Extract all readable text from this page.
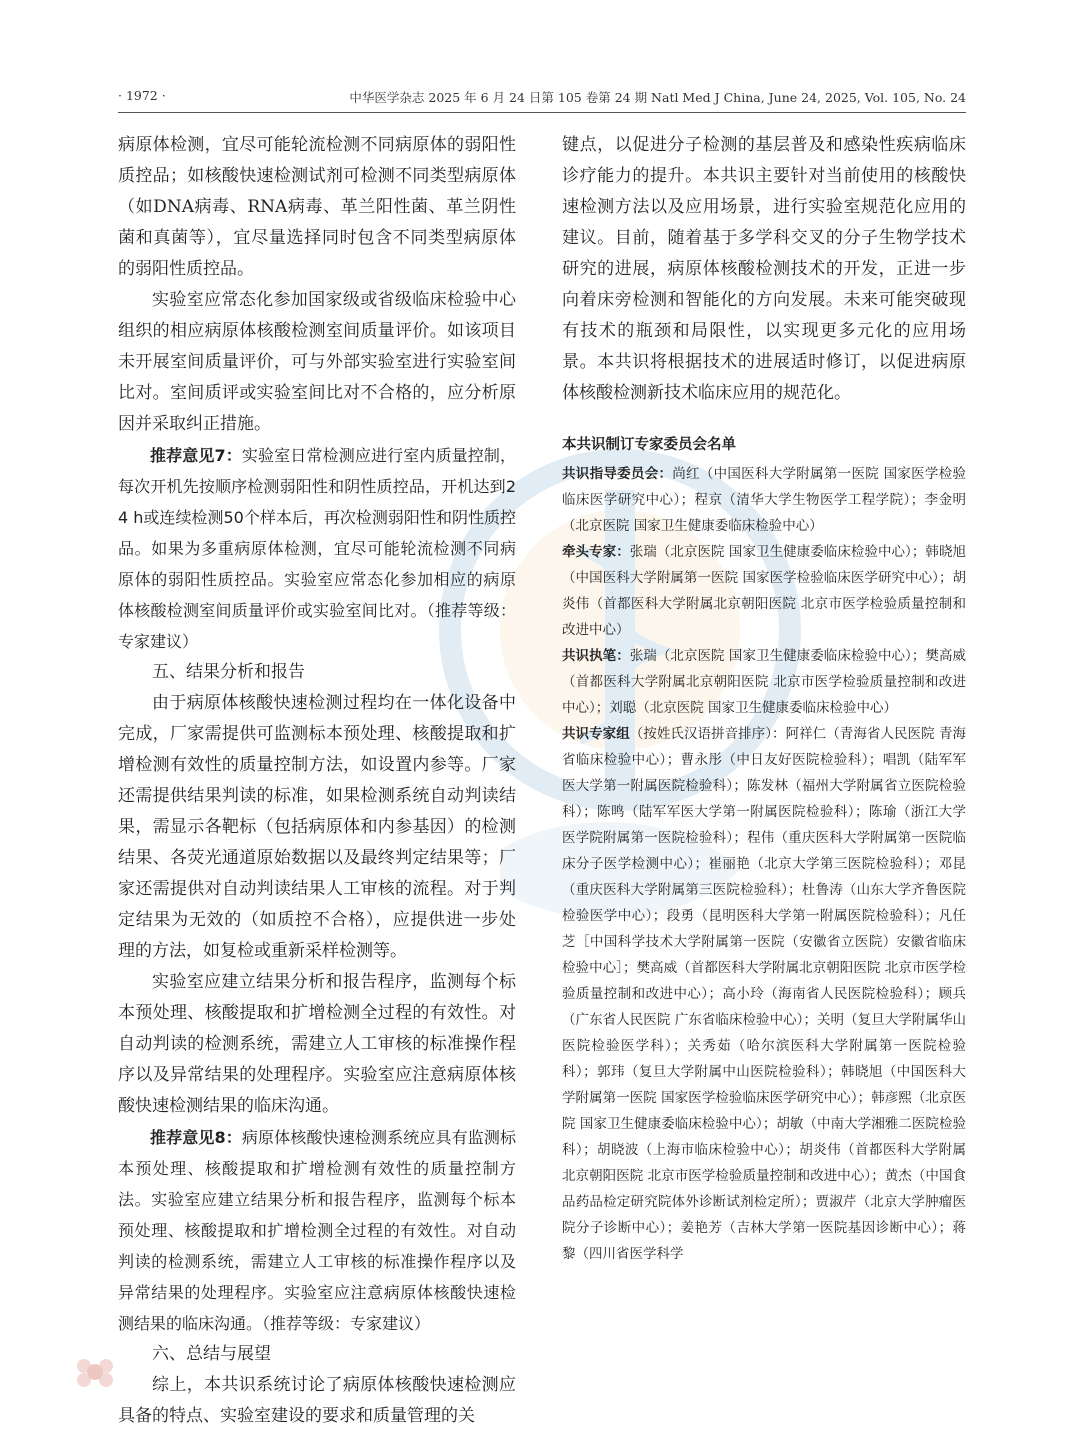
· 1972 ·	中华医学杂志 2025 年 6 月 24 日第 105 卷第 24 期 Natl Med J China, June 24, 2025, Vol. 105, No. 24

病原体检测，宜尽可能轮流检测不同病原体的弱阳性质控品；如核酸快速检测试剂可检测不同类型病原体（如DNA病毒、RNA病毒、革兰阳性菌、革兰阴性菌和真菌等），宜尽量选择同时包含不同类型病原体的弱阳性质控品。

实验室应常态化参加国家级或省级临床检验中心组织的相应病原体核酸检测室间质量评价。如该项目未开展室间质量评价，可与外部实验室进行实验室间比对。室间质评或实验室间比对不合格的，应分析原因并采取纠正措施。

推荐意见7：实验室日常检测应进行室内质量控制，每次开机先按顺序检测弱阳性和阴性质控品，开机达到24 h或连续检测50个样本后，再次检测弱阳性和阴性质控品。如果为多重病原体检测，宜尽可能轮流检测不同病原体的弱阳性质控品。实验室应常态化参加相应的病原体核酸检测室间质量评价或实验室间比对。（推荐等级：专家建议）

五、结果分析和报告

由于病原体核酸快速检测过程均在一体化设备中完成，厂家需提供可监测标本预处理、核酸提取和扩增检测有效性的质量控制方法，如设置内参等。厂家还需提供结果判读的标准，如果检测系统自动判读结果，需显示各靶标（包括病原体和内参基因）的检测结果、各荧光通道原始数据以及最终判定结果等；厂家还需提供对自动判读结果人工审核的流程。对于判定结果为无效的（如质控不合格），应提供进一步处理的方法，如复检或重新采样检测等。

实验室应建立结果分析和报告程序，监测每个标本预处理、核酸提取和扩增检测全过程的有效性。对自动判读的检测系统，需建立人工审核的标准操作程序以及异常结果的处理程序。实验室应注意病原体核酸快速检测结果的临床沟通。

推荐意见8：病原体核酸快速检测系统应具有监测标本预处理、核酸提取和扩增检测有效性的质量控制方法。实验室应建立结果分析和报告程序，监测每个标本预处理、核酸提取和扩增检测全过程的有效性。对自动判读的检测系统，需建立人工审核的标准操作程序以及异常结果的处理程序。实验室应注意病原体核酸快速检测结果的临床沟通。（推荐等级：专家建议）

六、总结与展望

综上，本共识系统讨论了病原体核酸快速检测应具备的特点、实验室建设的要求和质量管理的关

键点，以促进分子检测的基层普及和感染性疾病临床诊疗能力的提升。本共识主要针对当前使用的核酸快速检测方法以及应用场景，进行实验室规范化应用的建议。目前，随着基于多学科交叉的分子生物学技术研究的进展，病原体核酸检测技术的开发，正进一步向着床旁检测和智能化的方向发展。未来可能突破现有技术的瓶颈和局限性，以实现更多元化的应用场景。本共识将根据技术的进展适时修订，以促进病原体核酸检测新技术临床应用的规范化。

本共识制订专家委员会名单

共识指导委员会：尚红（中国医科大学附属第一医院 国家医学检验临床医学研究中心）；程京（清华大学生物医学工程学院）；李金明（北京医院 国家卫生健康委临床检验中心）

牵头专家：张瑞（北京医院 国家卫生健康委临床检验中心）；韩晓旭（中国医科大学附属第一医院 国家医学检验临床医学研究中心）；胡炎伟（首都医科大学附属北京朝阳医院 北京市医学检验质量控制和改进中心）

共识执笔：张瑞（北京医院 国家卫生健康委临床检验中心）；樊高威（首都医科大学附属北京朝阳医院 北京市医学检验质量控制和改进中心）；刘聪（北京医院 国家卫生健康委临床检验中心）

共识专家组（按姓氏汉语拼音排序）：阿祥仁（青海省人民医院 青海省临床检验中心）；曹永彤（中日友好医院检验科）；唱凯（陆军军医大学第一附属医院检验科）；陈发林（福州大学附属省立医院检验科）；陈鸣（陆军军医大学第一附属医院检验科）；陈瑜（浙江大学医学院附属第一医院检验科）；程伟（重庆医科大学附属第一医院临床分子医学检测中心）；崔丽艳（北京大学第三医院检验科）；邓昆（重庆医科大学附属第三医院检验科）；杜鲁涛（山东大学齐鲁医院检验医学中心）；段勇（昆明医科大学第一附属医院检验科）；凡任芝［中国科学技术大学附属第一医院（安徽省立医院）安徽省临床检验中心］；樊高威（首都医科大学附属北京朝阳医院 北京市医学检验质量控制和改进中心）；高小玲（海南省人民医院检验科）；顾兵（广东省人民医院 广东省临床检验中心）；关明（复旦大学附属华山医院检验医学科）；关秀茹（哈尔滨医科大学附属第一医院检验科）；郭玮（复旦大学附属中山医院检验科）；韩晓旭（中国医科大学附属第一医院 国家医学检验临床医学研究中心）；韩彦熙（北京医院 国家卫生健康委临床检验中心）；胡敏（中南大学湘雅二医院检验科）；胡晓波（上海市临床检验中心）；胡炎伟（首都医科大学附属北京朝阳医院 北京市医学检验质量控制和改进中心）；黄杰（中国食品药品检定研究院体外诊断试剂检定所）；贾淑芹（北京大学肿瘤医院分子诊断中心）；姜艳芳（吉林大学第一医院基因诊断中心）；蒋黎（四川省医学科学
